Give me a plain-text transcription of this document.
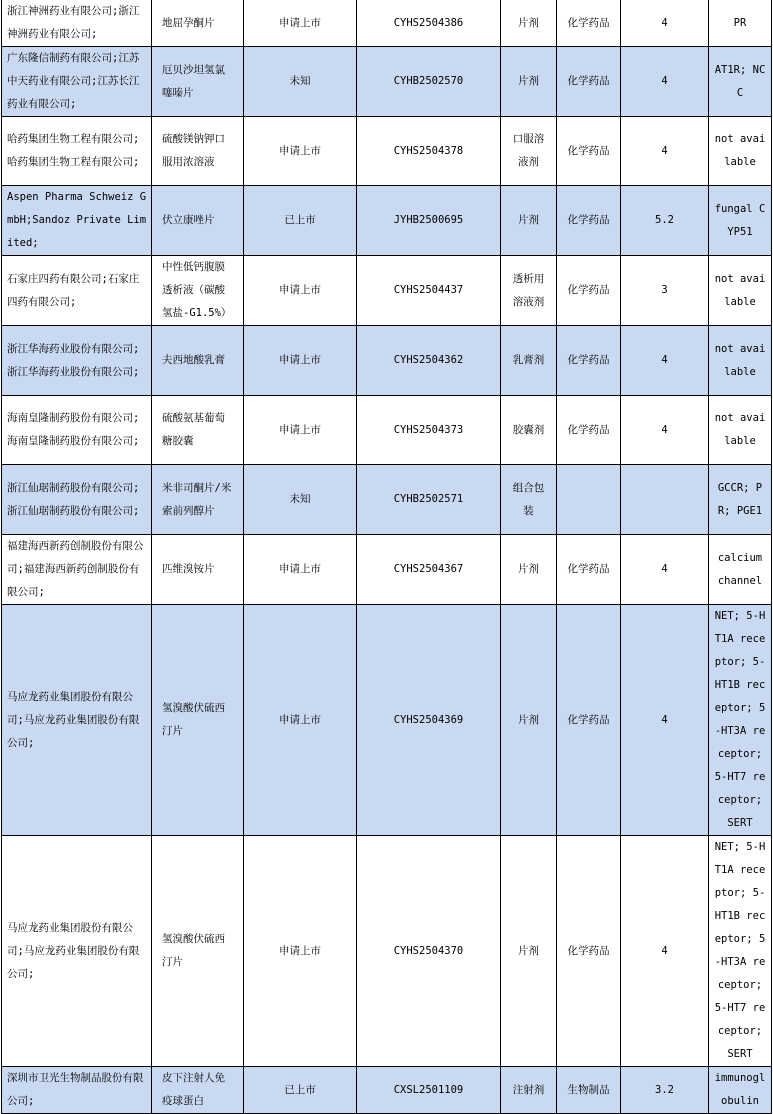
浙江神洲药业有限公司;浙江神洲药业有限公司;	地屈孕酮片	申请上市	CYHS2504386	片剂	化学药品	4	PR
广东隆信制药有限公司;江苏中天药业有限公司;江苏长江药业有限公司;	厄贝沙坦氢氯噻嗪片	未知	CYHB2502570	片剂	化学药品	4	AT1R; NCC
哈药集团生物工程有限公司;哈药集团生物工程有限公司;	硫酸镁钠钾口服用浓溶液	申请上市	CYHS2504378	口服溶液剂	化学药品	4	not available
Aspen Pharma Schweiz GmbH;Sandoz Private Limited;	伏立康唑片	已上市	JYHB2500695	片剂	化学药品	5.2	fungal CYP51
石家庄四药有限公司;石家庄四药有限公司;	中性低钙腹膜透析液（碳酸氢盐-G1.5%）	申请上市	CYHS2504437	透析用溶液剂	化学药品	3	not available
浙江华海药业股份有限公司;浙江华海药业股份有限公司;	夫西地酸乳膏	申请上市	CYHS2504362	乳膏剂	化学药品	4	not available
海南皇隆制药股份有限公司;海南皇隆制药股份有限公司;	硫酸氨基葡萄糖胶囊	申请上市	CYHS2504373	胶囊剂	化学药品	4	not available
浙江仙琚制药股份有限公司;浙江仙琚制药股份有限公司;	米非司酮片/米索前列醇片	未知	CYHB2502571	组合包装			GCCR; PR; PGE1
福建海西新药创制股份有限公司;福建海西新药创制股份有限公司;	匹维溴铵片	申请上市	CYHS2504367	片剂	化学药品	4	calcium channel
马应龙药业集团股份有限公司;马应龙药业集团股份有限公司;	氢溴酸伏硫西汀片	申请上市	CYHS2504369	片剂	化学药品	4	NET; 5-HT1A receptor; 5-HT1B receptor; 5-HT3A receptor; 5-HT7 receptor; SERT
马应龙药业集团股份有限公司;马应龙药业集团股份有限公司;	氢溴酸伏硫西汀片	申请上市	CYHS2504370	片剂	化学药品	4	NET; 5-HT1A receptor; 5-HT1B receptor; 5-HT3A receptor; 5-HT7 receptor; SERT
深圳市卫光生物制品股份有限公司;	皮下注射人免疫球蛋白	已上市	CXSL2501109	注射剂	生物制品	3.2	immunoglobulin
